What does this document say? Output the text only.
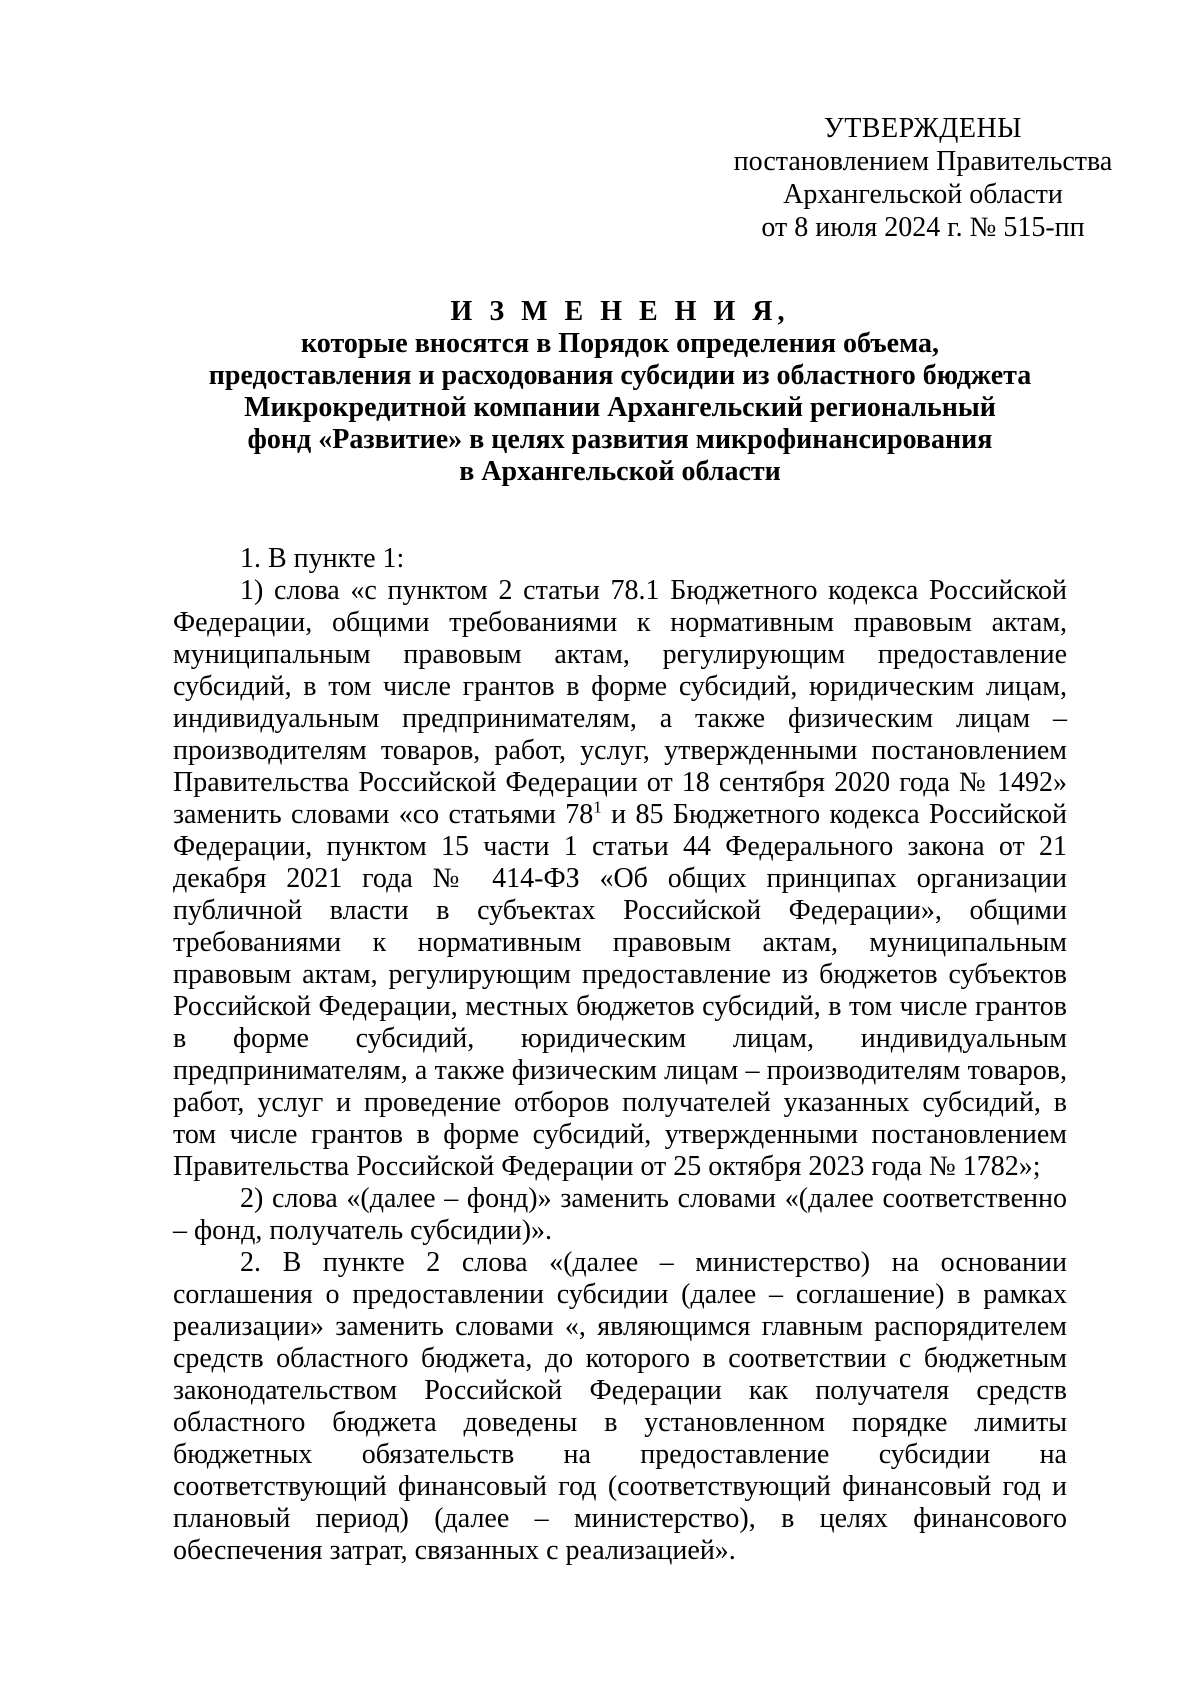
УТВЕРЖДЕНЫ
постановлением Правительства
Архангельской области
от 8 июля 2024 г. № 515-пп
И З М Е Н Е Н И Я,
которые вносятся в Порядок определения объема,
предоставления и расходования субсидии из областного бюджета
Микрокредитной компании Архангельский региональный
фонд «Развитие» в целях развития микрофинансирования
в Архангельской области

1. В пункте 1:

1) слова «с пунктом 2 статьи 78.1 Бюджетного кодекса Российской Федерации, общими требованиями к нормативным правовым актам, муниципальным правовым актам, регулирующим предоставление субсидий, в том числе грантов в форме субсидий, юридическим лицам, индивидуальным предпринимателям, а также физическим лицам – производителям товаров, работ, услуг, утвержденными постановлением Правительства Российской Федерации от 18 сентября 2020 года № 1492» заменить словами «со статьями $78^1$ и 85 Бюджетного кодекса Российской Федерации, пунктом 15 части 1 статьи 44 Федерального закона от 21 декабря 2021 года № 414-ФЗ «Об общих принципах организации публичной власти в субъектах Российской Федерации», общими требованиями к нормативным правовым актам, муниципальным правовым актам, регулирующим предоставление из бюджетов субъектов Российской Федерации, местных бюджетов субсидий, в том числе грантов в форме субсидий, юридическим лицам, индивидуальным предпринимателям, а также физическим лицам – производителям товаров, работ, услуг и проведение отборов получателей указанных субсидий, в том числе грантов в форме субсидий, утвержденными постановлением Правительства Российской Федерации от 25 октября 2023 года № 1782»;

2) слова «(далее – фонд)» заменить словами «(далее соответственно – фонд, получатель субсидии)».

2. В пункте 2 слова «(далее – министерство) на основании соглашения о предоставлении субсидии (далее – соглашение) в рамках реализации» заменить словами «, являющимся главным распорядителем средств областного бюджета, до которого в соответствии с бюджетным законодательством Российской Федерации как получателя средств областного бюджета доведены в установленном порядке лимиты бюджетных обязательств на предоставление субсидии на соответствующий финансовый год (соответствующий финансовый год и плановый период) (далее – министерство), в целях финансового обеспечения затрат, связанных с реализацией».
